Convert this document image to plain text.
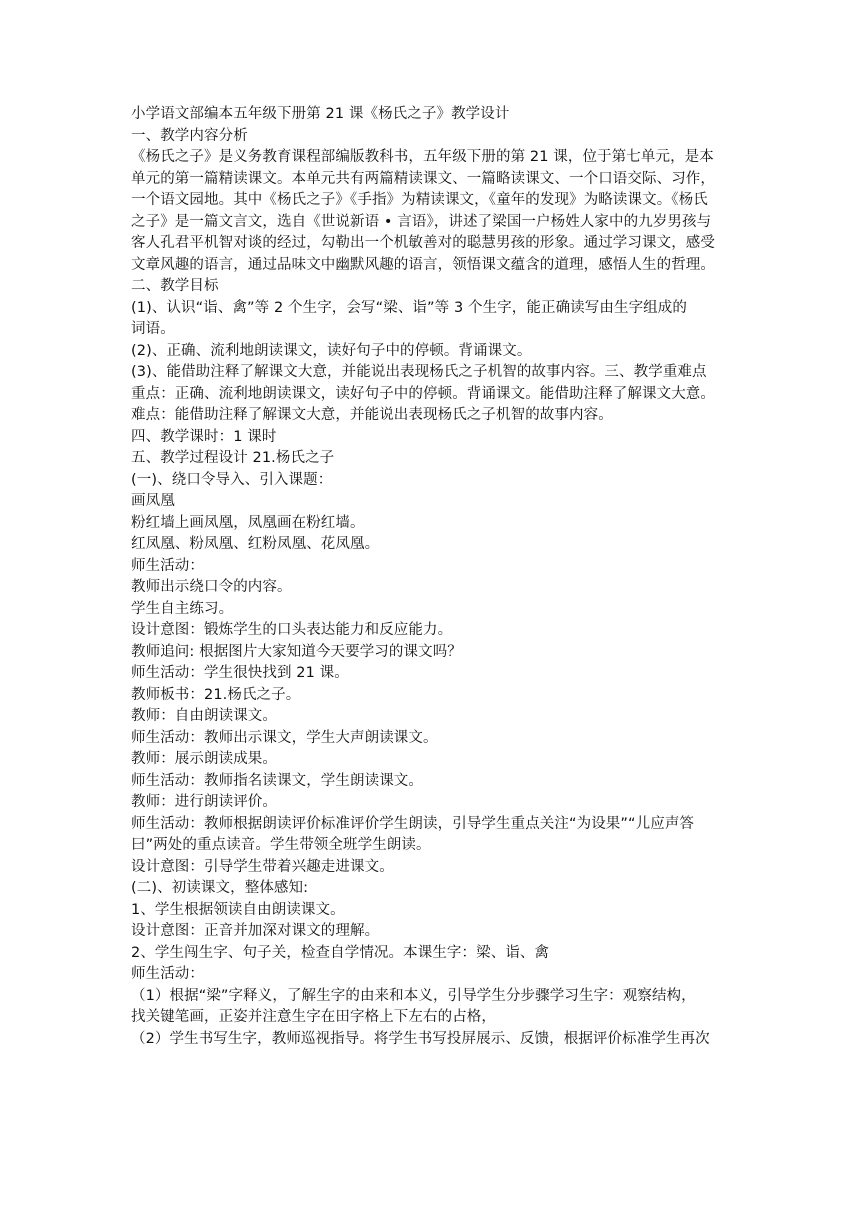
小学语文部编本五年级下册第 21 课《杨氏之子》教学设计
一、教学内容分析
《杨氏之子》是义务教育课程部编版教科书，五年级下册的第 21 课，位于第七单元，是本
单元的第一篇精读课文。本单元共有两篇精读课文、一篇略读课文、一个口语交际、习作，
一个语文园地。其中《杨氏之子》《手指》为精读课文，《童年的发现》为略读课文。《杨氏
之子》是一篇文言文，选自《世说新语 • 言语》，讲述了梁国一户杨姓人家中的九岁男孩与
客人孔君平机智对谈的经过，勾勒出一个机敏善对的聪慧男孩的形象。通过学习课文，感受
文章风趣的语言，通过品味文中幽默风趣的语言，领悟课文蕴含的道理，感悟人生的哲理。
二、教学目标
(1)、认识“诣、禽”等 2 个生字，会写“梁、诣”等 3 个生字，能正确读写由生字组成的
词语。
(2)、正确、流利地朗读课文，读好句子中的停顿。背诵课文。
(3)、能借助注释了解课文大意，并能说出表现杨氏之子机智的故事内容。三、教学重难点
重点：正确、流利地朗读课文，读好句子中的停顿。背诵课文。能借助注释了解课文大意。
难点：能借助注释了解课文大意，并能说出表现杨氏之子机智的故事内容。
四、教学课时：1 课时
五、教学过程设计 21.杨氏之子
(一)、绕口令导入、引入课题：
画凤凰
粉红墙上画凤凰，凤凰画在粉红墙。
红凤凰、粉凤凰、红粉凤凰、花凤凰。
师生活动：
教师出示绕口令的内容。
学生自主练习。
设计意图：锻炼学生的口头表达能力和反应能力。
教师追问: 根据图片大家知道今天要学习的课文吗？
师生活动：学生很快找到 21 课。
教师板书：21.杨氏之子。
教师：自由朗读课文。
师生活动：教师出示课文，学生大声朗读课文。
教师：展示朗读成果。
师生活动：教师指名读课文，学生朗读课文。
教师：进行朗读评价。
师生活动：教师根据朗读评价标准评价学生朗读，引导学生重点关注“为设果”“儿应声答
曰”两处的重点读音。学生带领全班学生朗读。
设计意图：引导学生带着兴趣走进课文。
(二)、初读课文，整体感知:
1、学生根据领读自由朗读课文。
设计意图：正音并加深对课文的理解。
2、学生闯生字、句子关，检查自学情况。本课生字：梁、诣、禽
师生活动：
（1）根据“梁”字释义，了解生字的由来和本义，引导学生分步骤学习生字：观察结构，
找关键笔画，正姿并注意生字在田字格上下左右的占格，
（2）学生书写生字，教师巡视指导。将学生书写投屏展示、反馈，根据评价标准学生再次
